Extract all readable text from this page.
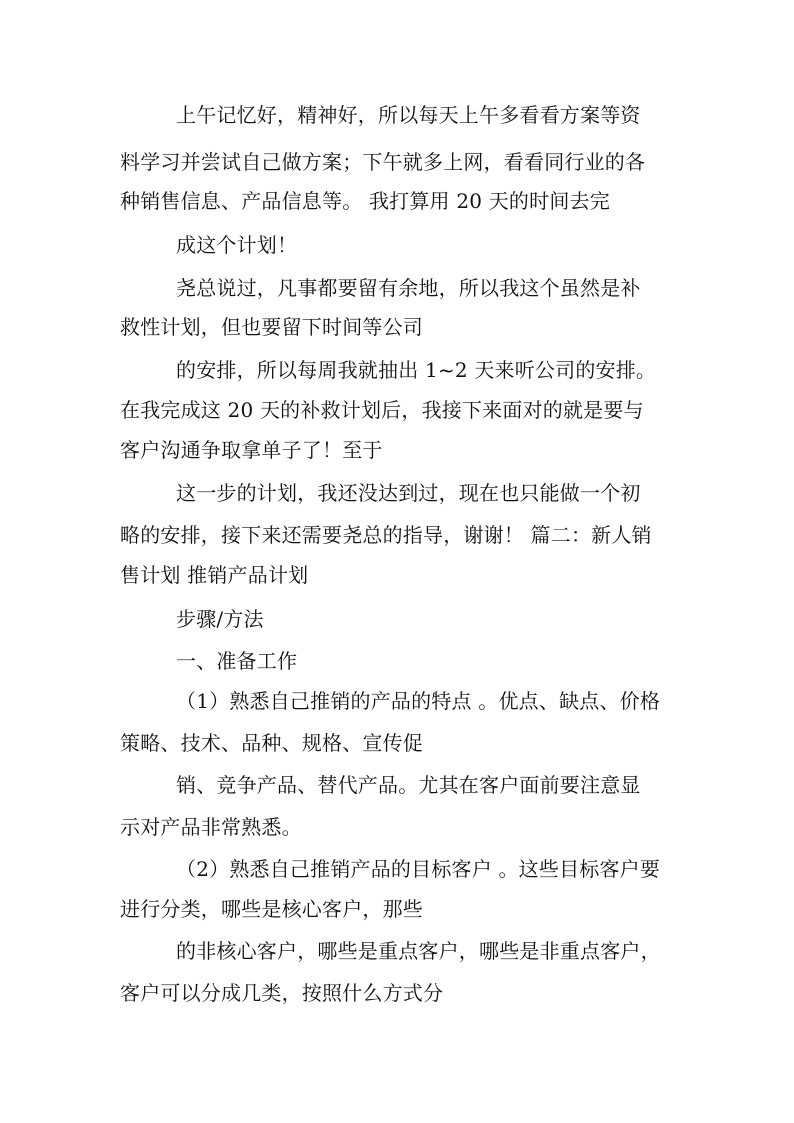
上午记忆好，精神好，所以每天上午多看看方案等资
料学习并尝试自己做方案；下午就多上网，看看同行业的各
种销售信息、产品信息等。 我打算用 20 天的时间去完
成这个计划！
尧总说过，凡事都要留有余地，所以我这个虽然是补
救性计划，但也要留下时间等公司
的安排，所以每周我就抽出 1~2 天来听公司的安排。
在我完成这 20 天的补救计划后，我接下来面对的就是要与
客户沟通争取拿单子了！至于
这一步的计划，我还没达到过，现在也只能做一个初
略的安排，接下来还需要尧总的指导，谢谢！ 篇二：新人销
售计划 推销产品计划
步骤/方法
一、准备工作
（1）熟悉自己推销的产品的特点 。优点、缺点、价格
策略、技术、品种、规格、宣传促
销、竞争产品、替代产品。尤其在客户面前要注意显
示对产品非常熟悉。
（2）熟悉自己推销产品的目标客户 。这些目标客户要
进行分类，哪些是核心客户，那些
的非核心客户，哪些是重点客户，哪些是非重点客户，
客户可以分成几类，按照什么方式分
